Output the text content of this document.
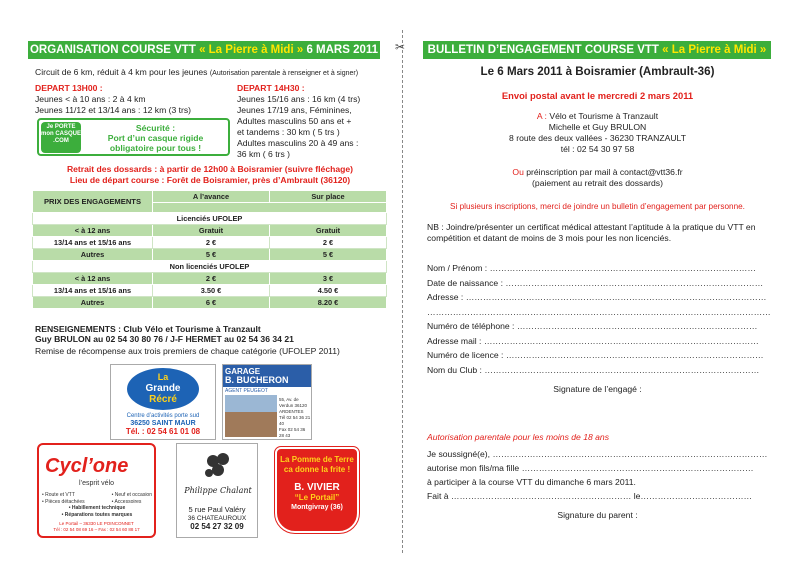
ORGANISATION COURSE VTT « La Pierre à Midi » 6 MARS 2011
Circuit de 6 km, réduit à 4 km pour les jeunes (Autorisation parentale à renseigner et à signer)
DEPART 13H00 :
Jeunes < à 10 ans : 2 à 4 km
Jeunes 11/12 et 13/14 ans : 12 km (3 trs)
DEPART 14H30 :
Jeunes 15/16 ans : 16 km (4 trs)
Jeunes 17/19 ans, Féminines,
Adultes masculins 50 ans et +
et tandems : 30 km ( 5 trs )
Adultes masculins 20 à 49 ans :
36 km ( 6 trs )
Je PORTE mon CASQUE .COM
Sécurité :
Port d’un casque rigide
obligatoire pour tous !
Retrait des dossards : à partir de 12h00 à Boisramier (suivre fléchage)
Lieu de départ course : Forêt de Boisramier, près d’Ambrault (36120)
PRIX DES ENGAGEMENTS	A l’avance	Sur place

Licenciés UFOLEP		
< à 12 ans	Gratuit	Gratuit
13/14 ans et 15/16 ans	2 €	2 €
Autres	5 €	5 €
Non licenciés UFOLEP		
< à 12 ans	2 €	3 €
13/14 ans et 15/16 ans	3.50 €	4.50 €
Autres	6 €	8.20 €
RENSEIGNEMENTS : Club Vélo et Tourisme à Tranzault
Guy BRULON au 02 54 30 80 76 / J-F HERMET au 02 54 36 34 21
Remise de récompense aux trois premiers de chaque catégorie (UFOLEP 2011)
La
Grande
Récré
Centre d’activités porte sud
36250 SAINT MAUR
Tél. : 02 54 61 01 08
GARAGE
B. BUCHERON
AGENT PEUGEOT
55, Av. de Verdun 36120 ARDENTES
Tél 02 54 36 21 40
Fax 02 54 36 28 43
Cycl’one
l’esprit vélo
• Route et VTT
• Pièces détachées
• Neuf et occasion
• Accessoires
• Habillement technique
• Réparations toutes marques
Le Portail – 36330 LE POINCONNET
Tél : 02 54 08 69 16 – Fax : 02 54 60 88 17
Philippe Chalant
5 rue Paul Valéry
36 CHATEAUROUX
02 54 27 32 09
La Pomme de Terre
ca donne la frite !
B. VIVIER
“Le Portail”
Montgivray (36)
✂	BULLETIN D’ENGAGEMENT COURSE VTT « La Pierre à Midi »
Le 6 Mars 2011 à Boisramier (Ambrault-36)
Envoi postal avant le mercredi 2 mars 2011
A : Vélo et Tourisme à Tranzault
Michelle et Guy BRULON
8 route des deux vallées - 36230 TRANZAULT
tél : 02 54 30 97 58
Ou préinscription par mail à contact@vtt36.fr
(paiement au retrait des dossards)
Si plusieurs inscriptions, merci de joindre un bulletin d’engagement par personne.
NB : Joindre/présenter un certificat médical attestant l’aptitude à la pratique du VTT en compétition et datant de moins de 3 mois pour les non licenciés.
Nom / Prénom : …………………………………………………………………………………
Date de naissance : ………………………………………………………………………………
Adresse : ……………………………………………………………………………………………
…………………………………………………………………………………………………………
Numéro de téléphone : …………………………………………………………………………
Adresse mail : ……………………………………………………………………………………
Numéro de licence : ………………………………………………………………………………
Nom du Club : ……………………………………………………………………………………
Signature de l’engagé :
Autorisation parentale pour les moins de 18 ans
Je soussigné(e), ……………………………………………………………………………………
autorise mon fils/ma fille ………………………………………………………………………
à participer à la course VTT du dimanche 6 mars 2011.
Fait à ……………………………………………………… le…………………………………
Signature du parent :
